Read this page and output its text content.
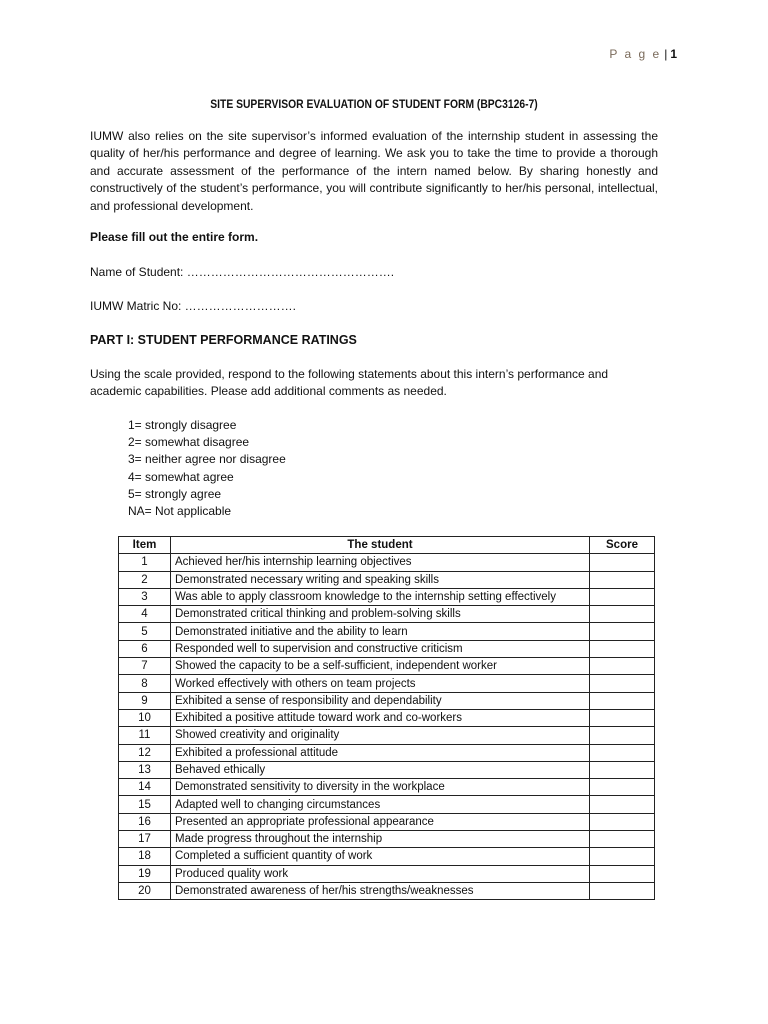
P a g e | 1
SITE SUPERVISOR EVALUATION OF STUDENT FORM (BPC3126-7)
IUMW also relies on the site supervisor’s informed evaluation of the internship student in assessing the quality of her/his performance and degree of learning. We ask you to take the time to provide a thorough and accurate assessment of the performance of the intern named below. By sharing honestly and constructively of the student’s performance, you will contribute significantly to her/his personal, intellectual, and professional development.
Please fill out the entire form.
Name of Student: …………………………………………….
IUMW Matric No: ……………………….
PART I: STUDENT PERFORMANCE RATINGS
Using the scale provided, respond to the following statements about this intern’s performance and academic capabilities. Please add additional comments as needed.
1= strongly disagree
2= somewhat disagree
3= neither agree nor disagree
4= somewhat agree
5= strongly agree
NA= Not applicable
Item	The student	Score
1	Achieved her/his internship learning objectives	
2	Demonstrated necessary writing and speaking skills	
3	Was able to apply classroom knowledge to the internship setting effectively	
4	Demonstrated critical thinking and problem-solving skills	
5	Demonstrated initiative and the ability to learn	
6	Responded well to supervision and constructive criticism	
7	Showed the capacity to be a self-sufficient, independent worker	
8	Worked effectively with others on team projects	
9	Exhibited a sense of responsibility and dependability	
10	Exhibited a positive attitude toward work and co-workers	
11	Showed creativity and originality	
12	Exhibited a professional attitude	
13	Behaved ethically	
14	Demonstrated sensitivity to diversity in the workplace	
15	Adapted well to changing circumstances	
16	Presented an appropriate professional appearance	
17	Made progress throughout the internship	
18	Completed a sufficient quantity of work	
19	Produced quality work	
20	Demonstrated awareness of her/his strengths/weaknesses	
